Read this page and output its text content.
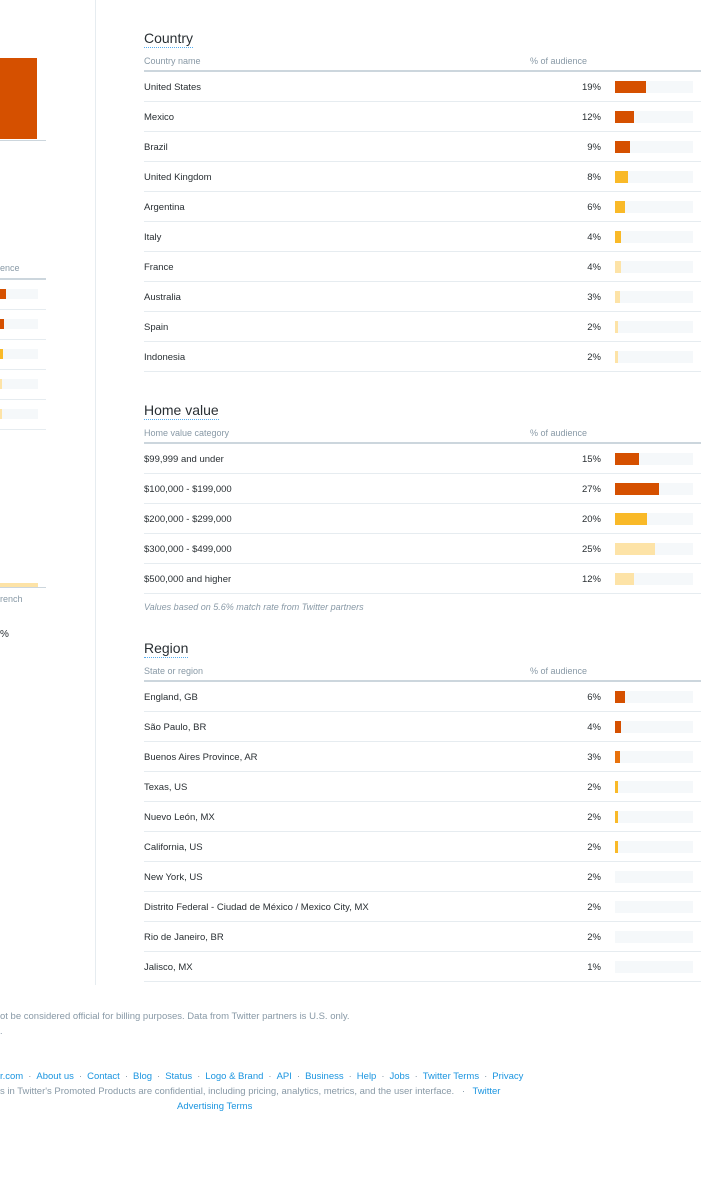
ence
rench
%
Country
Country name	% of audience
United States	19%
Mexico	12%
Brazil	9%
United Kingdom	8%
Argentina	6%
Italy	4%
France	4%
Australia	3%
Spain	2%
Indonesia	2%
Home value
Home value category	% of audience
$99,999 and under	15%
$100,000 - $199,000	27%
$200,000 - $299,000	20%
$300,000 - $499,000	25%
$500,000 and higher	12%
Values based on 5.6% match rate from Twitter partners
Region
State or region	% of audience
England, GB	6%
São Paulo, BR	4%
Buenos Aires Province, AR	3%
Texas, US	2%
Nuevo León, MX	2%
California, US	2%
New York, US	2%
Distrito Federal - Ciudad de México / Mexico City, MX	2%
Rio de Janeiro, BR	2%
Jalisco, MX	1%
ot be considered official for billing purposes. Data from Twitter partners is U.S. only.
.
r.com · About us · Contact · Blog · Status · Logo & Brand · API · Business · Help · Jobs · Twitter Terms · Privacy
s in Twitter's Promoted Products are confidential, including pricing, analytics, metrics, and the user interface. · Twitter
Advertising Terms
